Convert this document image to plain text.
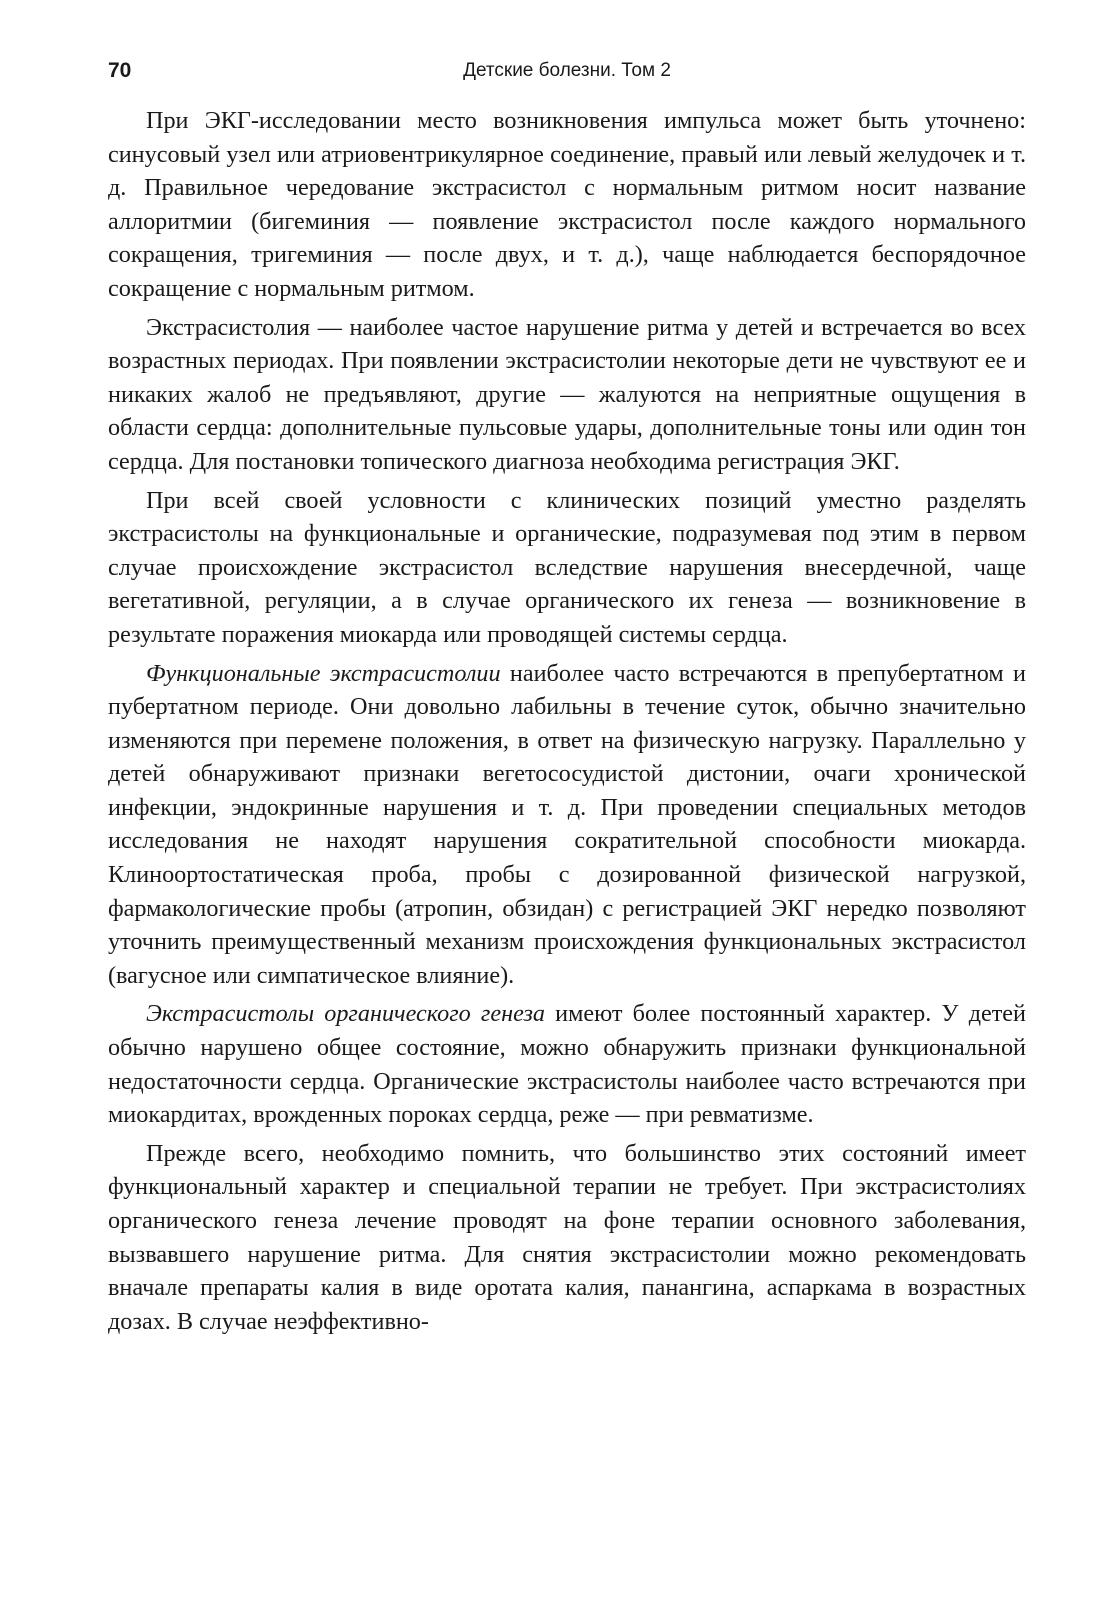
70	Детские болезни. Том 2

При ЭКГ-исследовании место возникновения импульса может быть уточнено: синусовый узел или атриовентрикулярное соединение, правый или левый желудочек и т. д. Правильное чередование экстрасистол с нормальным ритмом носит название аллоритмии (бигеминия — появление экстрасистол после каждого нормального сокращения, тригеминия — после двух, и т. д.), чаще наблюдается беспорядочное сокращение с нормальным ритмом.

Экстрасистолия — наиболее частое нарушение ритма у детей и встречается во всех возрастных периодах. При появлении экстрасистолии некоторые дети не чувствуют ее и никаких жалоб не предъявляют, другие — жалуются на неприятные ощущения в области сердца: дополнительные пульсовые удары, дополнительные тоны или один тон сердца. Для постановки топического диагноза необходима регистрация ЭКГ.

При всей своей условности с клинических позиций уместно разделять экстрасистолы на функциональные и органические, подразумевая под этим в первом случае происхождение экстрасистол вследствие нарушения внесердечной, чаще вегетативной, регуляции, а в случае органического их генеза — возникновение в результате поражения миокарда или проводящей системы сердца.

Функциональные экстрасистолии наиболее часто встречаются в препубертатном и пубертатном периоде. Они довольно лабильны в течение суток, обычно значительно изменяются при перемене положения, в ответ на физическую нагрузку. Параллельно у детей обнаруживают признаки вегетососудистой дистонии, очаги хронической инфекции, эндокринные нарушения и т. д. При проведении специальных методов исследования не находят нарушения сократительной способности миокарда. Клиноортостатическая проба, пробы с дозированной физической нагрузкой, фармакологические пробы (атропин, обзидан) с регистрацией ЭКГ нередко позволяют уточнить преимущественный механизм происхождения функциональных экстрасистол (вагусное или симпатическое влияние).

Экстрасистолы органического генеза имеют более постоянный характер. У детей обычно нарушено общее состояние, можно обнаружить признаки функциональной недостаточности сердца. Органические экстрасистолы наиболее часто встречаются при миокардитах, врожденных пороках сердца, реже — при ревматизме.

Прежде всего, необходимо помнить, что большинство этих состояний имеет функциональный характер и специальной терапии не требует. При экстрасистолиях органического генеза лечение проводят на фоне терапии основного заболевания, вызвавшего нарушение ритма. Для снятия экстрасистолии можно рекомендовать вначале препараты калия в виде оротата калия, панангина, аспаркама в возрастных дозах. В случае неэффективно-
